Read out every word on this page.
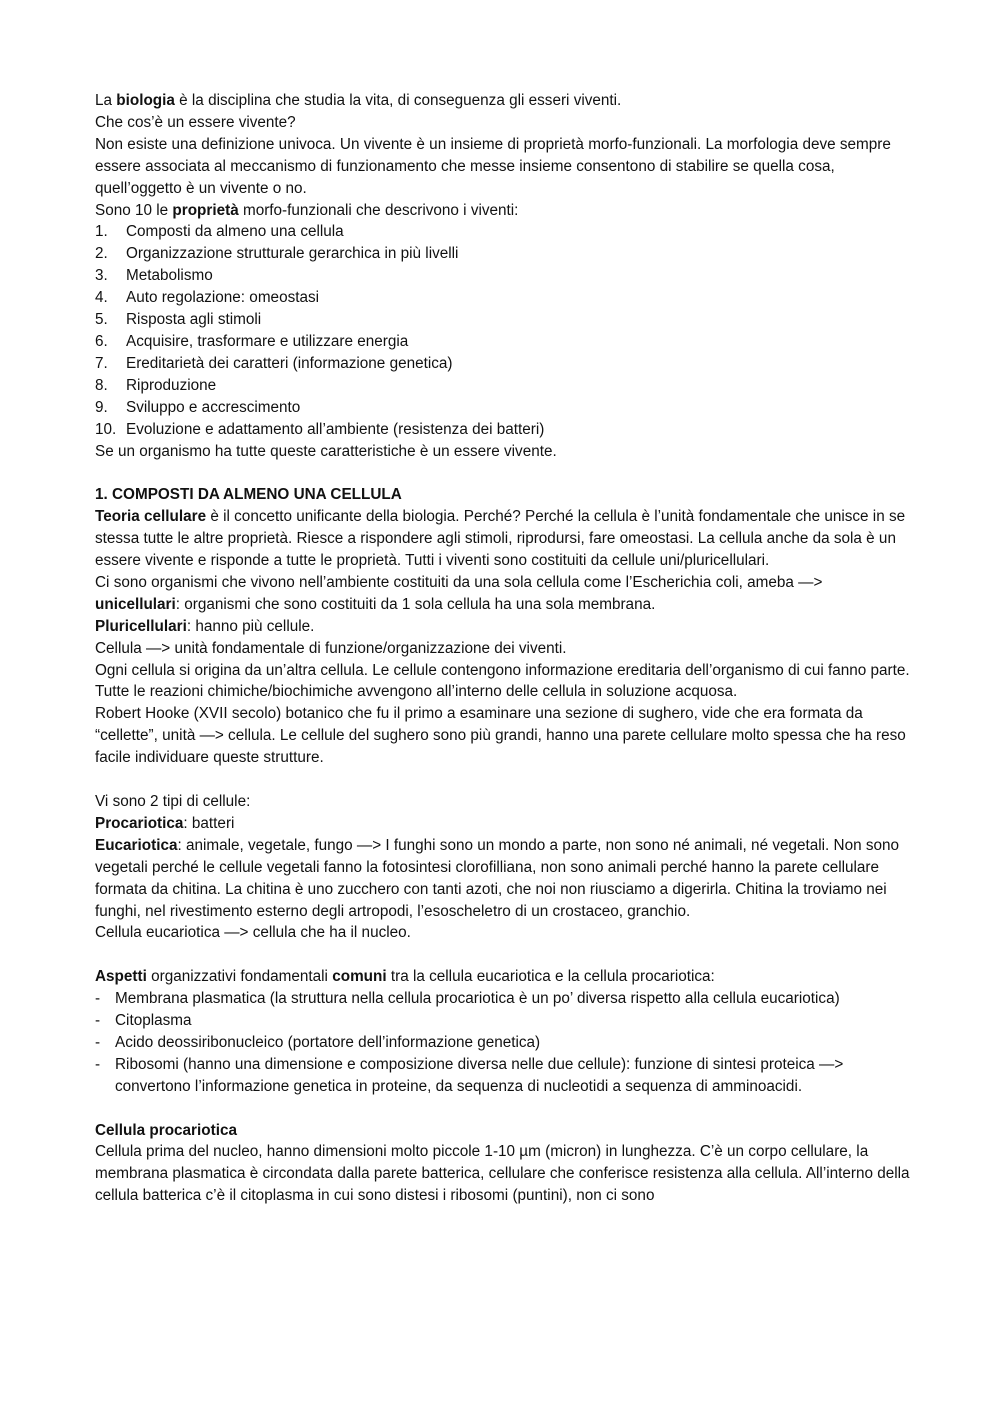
La biologia è la disciplina che studia la vita, di conseguenza gli esseri viventi.

Che cos’è un essere vivente?

Non esiste una definizione univoca. Un vivente è un insieme di proprietà morfo-funzionali. La morfologia deve sempre essere associata al meccanismo di funzionamento che messe insieme consentono di stabilire se quella cosa, quell’oggetto è un vivente o no.

Sono 10 le proprietà morfo-funzionali che descrivono i viventi:

1.	Composti da almeno una cellula
2.	Organizzazione strutturale gerarchica in più livelli
3.	Metabolismo
4.	Auto regolazione: omeostasi
5.	Risposta agli stimoli
6.	Acquisire, trasformare e utilizzare energia
7.	Ereditarietà dei caratteri (informazione genetica)
8.	Riproduzione
9.	Sviluppo e accrescimento
10. Evoluzione e adattamento all’ambiente (resistenza dei batteri)

Se un organismo ha tutte queste caratteristiche è un essere vivente.

1. COMPOSTI DA ALMENO UNA CELLULA

Teoria cellulare è il concetto unificante della biologia. Perché? Perché la cellula è l’unità fondamentale che unisce in se stessa tutte le altre proprietà. Riesce a rispondere agli stimoli, riprodursi, fare omeostasi. La cellula anche da sola è un essere vivente e risponde a tutte le proprietà. Tutti i viventi sono costituiti da cellule uni/pluricellulari.

Ci sono organismi che vivono nell’ambiente costituiti da una sola cellula come l’Escherichia coli, ameba —>

unicellulari: organismi che sono costituiti da 1 sola cellula ha una sola membrana.

Pluricellulari: hanno più cellule.

Cellula —> unità fondamentale di funzione/organizzazione dei viventi.

Ogni cellula si origina da un’altra cellula. Le cellule contengono informazione ereditaria dell’organismo di cui fanno parte. Tutte le reazioni chimiche/biochimiche avvengono all’interno delle cellula in soluzione acquosa.

Robert Hooke (XVII secolo) botanico che fu il primo a esaminare una sezione di sughero, vide che era formata da “cellette”, unità —> cellula. Le cellule del sughero sono più grandi, hanno una parete cellulare molto spessa che ha reso facile individuare queste strutture.

Vi sono 2 tipi di cellule:

Procariotica: batteri

Eucariotica: animale, vegetale, fungo —> I funghi sono un mondo a parte, non sono né animali, né vegetali. Non sono vegetali perché le cellule vegetali fanno la fotosintesi clorofilliana, non sono animali perché hanno la parete cellulare formata da chitina. La chitina è uno zucchero con tanti azoti, che noi non riusciamo a digerirla. Chitina la troviamo nei funghi, nel rivestimento esterno degli artropodi, l’esoscheletro di un crostaceo, granchio.

Cellula eucariotica —> cellula che ha il nucleo.

Aspetti organizzativi fondamentali comuni tra la cellula eucariotica e la cellula procariotica:

- Membrana plasmatica (la struttura nella cellula procariotica è un po’ diversa rispetto alla cellula eucariotica)
- Citoplasma
- Acido deossiribonucleico (portatore dell’informazione genetica)
- Ribosomi (hanno una dimensione e composizione diversa nelle due cellule): funzione di sintesi proteica —> convertono l’informazione genetica in proteine, da sequenza di nucleotidi a sequenza di amminoacidi.

Cellula procariotica

Cellula prima del nucleo, hanno dimensioni molto piccole 1-10 µm (micron) in lunghezza. C’è un corpo cellulare, la membrana plasmatica è circondata dalla parete batterica, cellulare che conferisce resistenza alla cellula. All’interno della cellula batterica c’è il citoplasma in cui sono distesi i ribosomi (puntini), non ci sono
